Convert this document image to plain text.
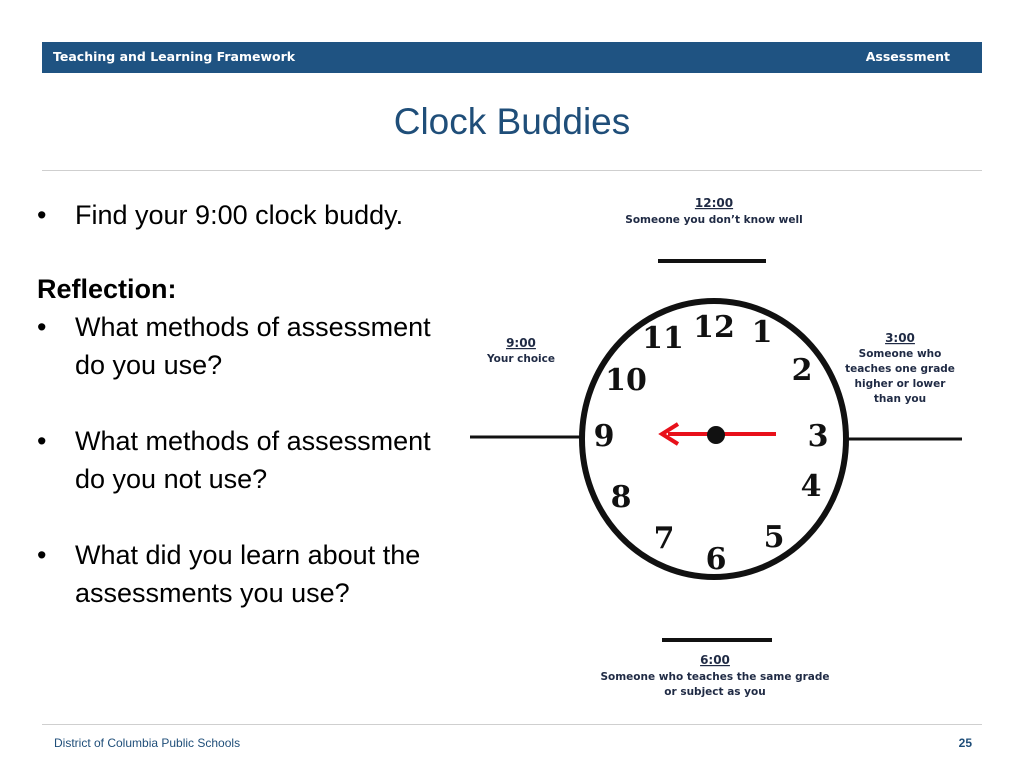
Teaching and Learning Framework	Assessment
Clock Buddies
• Find your 9:00 clock buddy.
Reflection:
• What methods of assessment do you use?
• What methods of assessment do you not use?
• What did you learn about the assessments you use?
12:00
Someone you don’t know well
3:00
Someone who
teaches one grade
higher or lower
than you
9:00
Your choice
6:00
Someone who teaches the same grade
or subject as you
12 1
2
3
4
5
6
7
8
9
10
11
District of Columbia Public Schools	25
